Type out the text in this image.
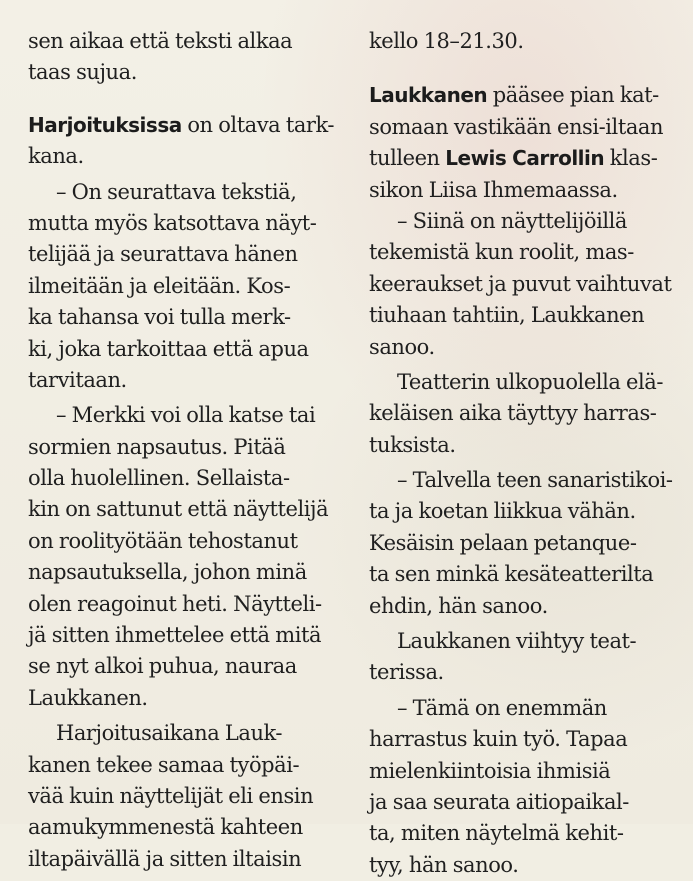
sen aikaa että teksti alkaa
taas sujua.
Harjoituksissa on oltava tark-
kana.
– On seurattava tekstiä,
mutta myös katsottava näyt-
telijää ja seurattava hänen
ilmeitään ja eleitään. Kos-
ka tahansa voi tulla merk-
ki, joka tarkoittaa että apua
tarvitaan.
– Merkki voi olla katse tai
sormien napsautus. Pitää
olla huolellinen. Sellaista-
kin on sattunut että näyttelijä
on roolityötään tehostanut
napsautuksella, johon minä
olen reagoinut heti. Näytteli-
jä sitten ihmettelee että mitä
se nyt alkoi puhua, nauraa
Laukkanen.
Harjoitusaikana Lauk-
kanen tekee samaa työpäi-
vää kuin näyttelijät eli ensin
aamukymmenestä kahteen
iltapäivällä ja sitten iltaisin
kello 18–21.30.
Laukkanen pääsee pian kat-
somaan vastikään ensi-iltaan
tulleen Lewis Carrollin klas-
sikon Liisa Ihmemaassa.
– Siinä on näyttelijöillä
tekemistä kun roolit, mas-
keeraukset ja puvut vaihtuvat
tiuhaan tahtiin, Laukkanen
sanoo.
Teatterin ulkopuolella elä-
keläisen aika täyttyy harras-
tuksista.
– Talvella teen sanaristikoi-
ta ja koetan liikkua vähän.
Kesäisin pelaan petanque-
ta sen minkä kesäteatterilta
ehdin, hän sanoo.
Laukkanen viihtyy teat-
terissa.
– Tämä on enemmän
harrastus kuin työ. Tapaa
mielenkiintoisia ihmisiä
ja saa seurata aitiopaikal-
ta, miten näytelmä kehit-
tyy, hän sanoo.
